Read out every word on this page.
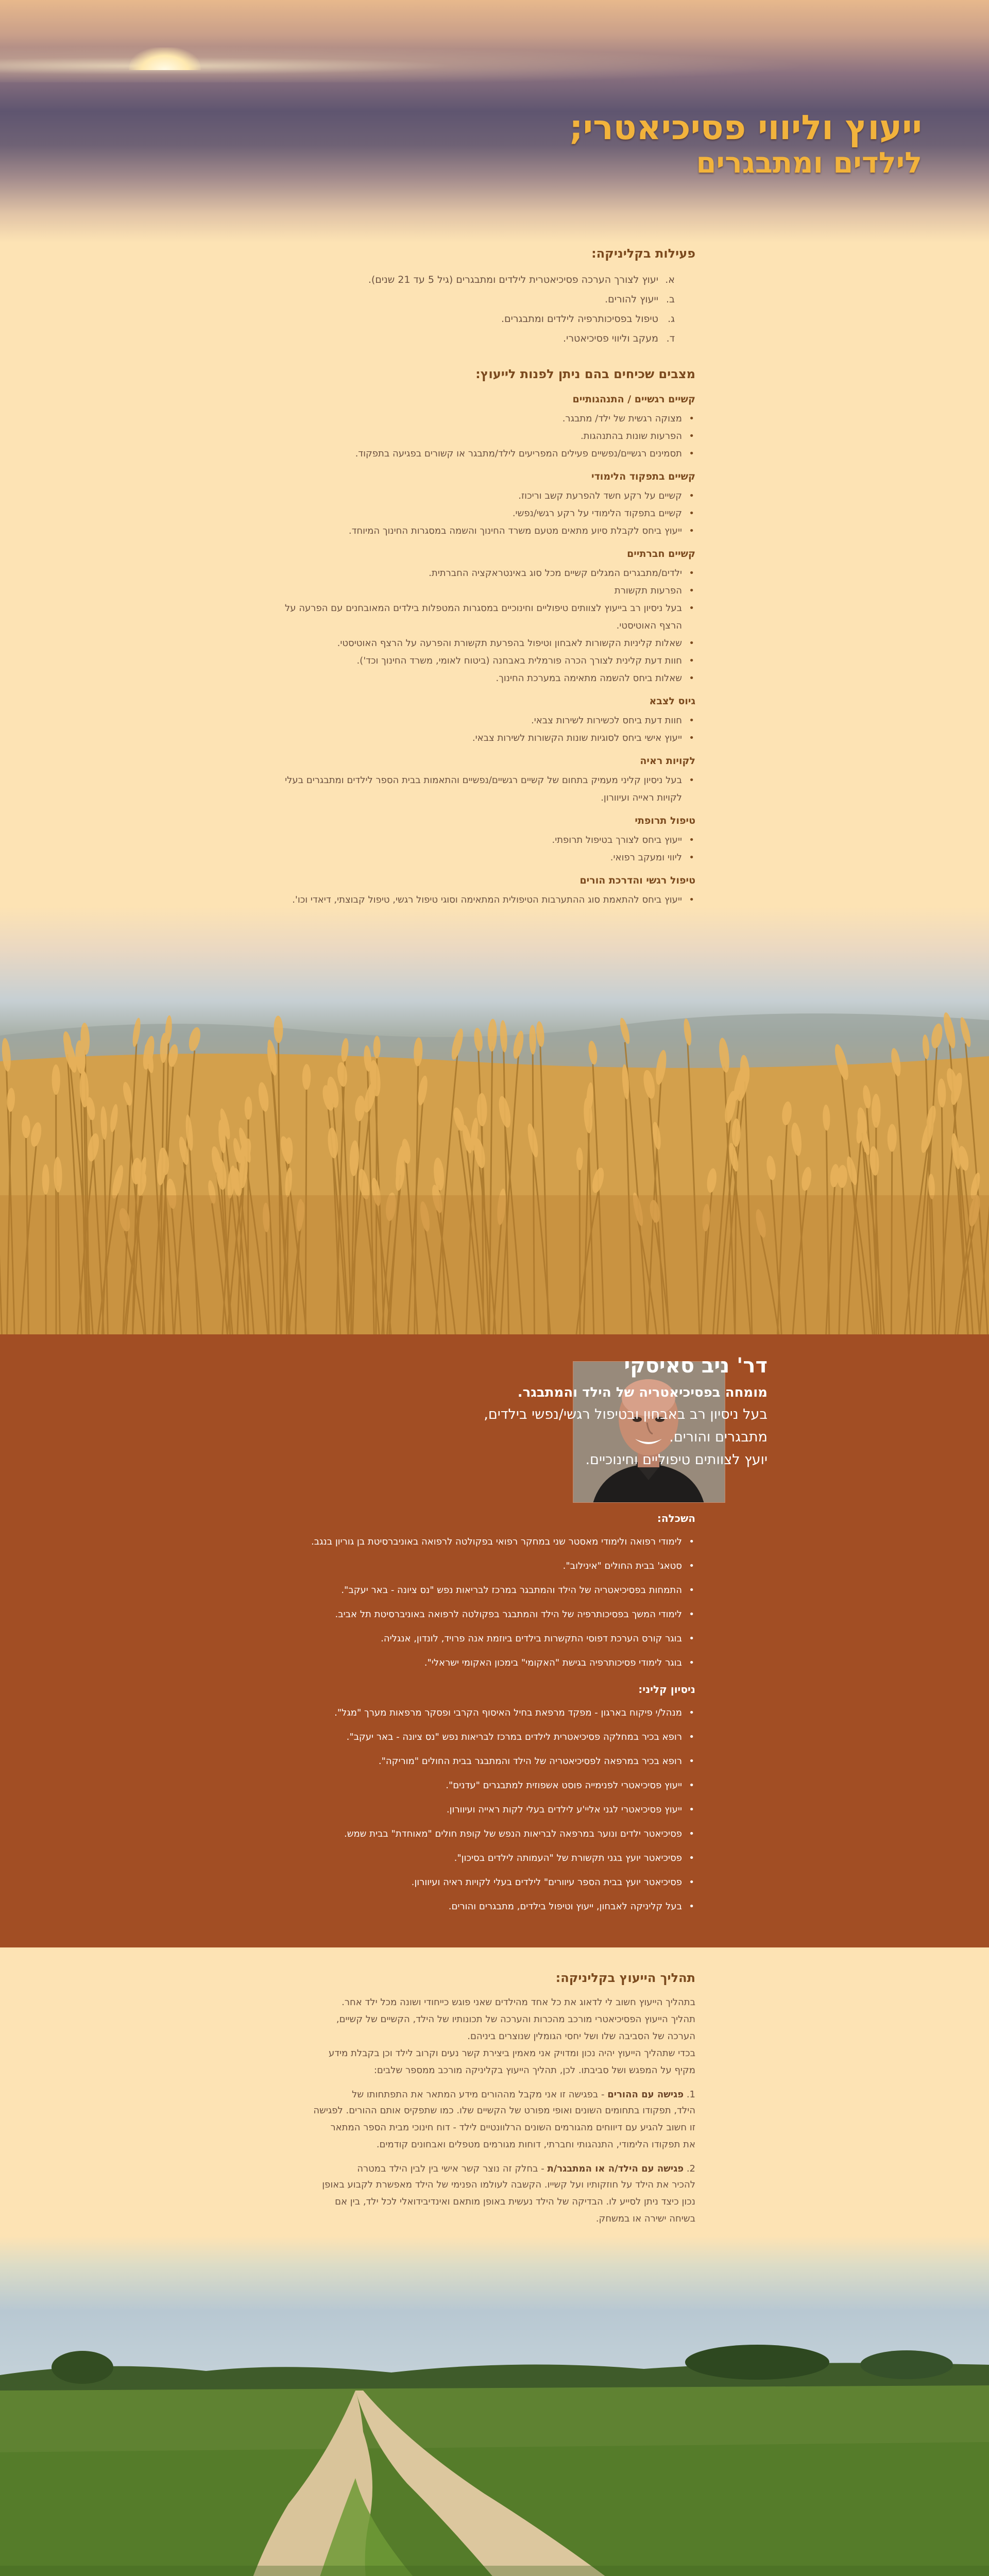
ייעוץ וליווי פסיכיאטרי;
לילדים ומתבגרים
פעילות בקליניקה:
א.יעוץ לצורך הערכה פסיכיאטרית לילדים ומתבגרים (גיל 5 עד 21 שנים).
ב.ייעוץ להורים.
ג.טיפול בפסיכותרפיה לילדים ומתבגרים.
ד.מעקב וליווי פסיכיאטרי.
מצבים שכיחים בהם ניתן לפנות לייעוץ:
קשיים רגשיים / התנהגותיים
• מצוקה רגשית של ילד/ מתבגר.
• הפרעות שונות בהתנהגות.
• תסמינים רגשיים/נפשיים פעילים המפריעים לילד/מתבגר או קשורים בפגיעה בתפקוד.
קשיים בתפקוד הלימודי
• קשיים על רקע חשד להפרעת קשב וריכוז.
• קשיים בתפקוד הלימודי על רקע רגשי/נפשי.
• ייעוץ ביחס לקבלת סיוע מתאים מטעם משרד החינוך והשמה במסגרות החינוך המיוחד.
קשיים חברתיים
• ילדים/מתבגרים המגלים קשיים מכל סוג באינטראקציה החברתית.
• הפרעות תקשורת
• בעל ניסיון רב בייעוץ לצוותים טיפוליים וחינוכיים במסגרות המטפלות בילדים המאובחנים עם הפרעה על הרצף האוטיסטי.
• שאלות קליניות הקשורות לאבחון וטיפול בהפרעת תקשורת והפרעה על הרצף האוטיסטי.
• חוות דעת קלינית לצורך הכרה פורמלית באבחנה (ביטוח לאומי, משרד החינוך וכד').
• שאלות ביחס להשמה מתאימה במערכת החינוך.
גיוס לצבא
• חוות דעת ביחס לכשירות לשירות צבאי.
• ייעוץ אישי ביחס לסוגיות שונות הקשורות לשירות צבאי.
לקויות ראיה
• בעל ניסיון קליני מעמיק בתחום של קשיים רגשיים/נפשיים והתאמות בבית הספר לילדים ומתבגרים בעלי לקויות ראייה ועיוורון.
טיפול תרופתי
• ייעוץ ביחס לצורך בטיפול תרופתי.
• ליווי ומעקב רפואי.
טיפול רגשי והדרכת הורים
• ייעוץ ביחס להתאמת סוג ההתערבות הטיפולית המתאימה וסוגי טיפול רגשי, טיפול קבוצתי, דיאדי וכו'.
•
דר' ניב סאיסקי
מומחה בפסיכיאטריה של הילד והמתבגר.
בעל ניסיון רב באבחון ובטיפול רגשי/נפשי בילדים,
מתבגרים והורים.
יועץ לצוותים טיפוליים וחינוכיים.
השכלה:
• לימודי רפואה ולימודי מאסטר שני במחקר רפואי בפקולטה לרפואה באוניברסיטת בן גוריון בנגב.
• סטאג' בבית החולים "אינילוב".
• התמחות בפסיכיאטריה של הילד והמתבגר במרכז לבריאות נפש "נס ציונה - באר יעקב".
• לימודי המשך בפסיכותרפיה של הילד והמתבגר בפקולטה לרפואה באוניברסיטת תל אביב.
• בוגר קורס הערכת דפוסי התקשרות בילדים ביוזמת אנה פרויד, לונדון, אנגליה.
• בוגר לימודי פסיכותרפיה בגישת "האקומי" בימכון האקומי ישראלי".
ניסיון קליני:
• מנהל/י פיקוח בארגון - מפקד מרפאת בחיל האיסוף הקרבי ופסקר מרפאות מערך "מגל".
• רופא בכיר במחלקה פסיכיאטרית לילדים במרכז לבריאות נפש "נס ציונה - באר יעקב".
• רופא בכיר במרפאה לפסיכיאטריה של הילד והמתבגר בבית החולים "מוריקה".
• ייעוץ פסיכיאטרי לפנימייה פוסט אשפוזית למתבגרים "עדנים".
• ייעוץ פסיכיאטרי לגני אליי'ע לילדים בעלי לקות ראייה ועיוורון.
• פסיכיאטר ילדים ונוער במרפאה לבריאות הנפש של קופת חולים "מאוחדת" בבית שמש.
• פסיכיאטר יועץ בגני תקשורת של "העמותה לילדים בסיכון".
• פסיכיאטר יועץ בבית הספר עיוורים" לילדים בעלי לקויות ראיה ועיוורון.
• בעל קליניקה לאבחון, ייעוץ וטיפול בילדים, מתבגרים והורים.
תהליך הייעוץ בקליניקה:

בתהליך הייעוץ חשוב לי לדאוג את כל אחד מהילדים שאני פוגש כייחודי ושונה מכל ילד אחר.

תהליך הייעוץ הפסיכיאטרי מורכב מהכרות והערכה של תכונותיו של הילד, הקשיים של קשיים,

הערכה של הסביבה שלו ושל יחסי הגומלין שנוצרים ביניהם.

בכדי שתהליך הייעוץ יהיה נכון ומדויק אני מאמין ביצירת קשר נעים וקרוב לילד וכן בקבלת מידע

מקיף על המפגש ושל סביבתו. לכן, תהליך הייעוץ בקליניקה מורכב ממספר שלבים:

1. פגישה עם ההורים - בפגישה זו אני מקבל מההורים מידע המתאר את התפתחותו של

הילד, תפקודו בתחומים השונים ואופי מפורט של הקשיים שלו. כמו שתפקיס אותם ההורים. לפגישה

זו חשוב להגיע עם דיווחים מהגורמים השונים הרלוונטיים לילד - דוח חינוכי מבית הספר המתאר

את תפקודו הלימודי, התנהגותי וחברתי, דוחות מגורמים מטפלים ואבחונים קודמים.

2. פגישה עם הילד/ה או המתבגר/ת - בחלק זה נוצר קשר אישי בין לבין הילד במטרה

להכיר את הילד על חוזקותיו ועל קשייו. הקשבה לעולמו הפנימי של הילד מאפשרת לקבוע באופן

נכון כיצד ניתן לסייע לו. הבדיקה של הילד נעשית באופן מותאם ואינדיבידואלי לכל ילד, בין אם

בשיחה ישירה או במשחק.
